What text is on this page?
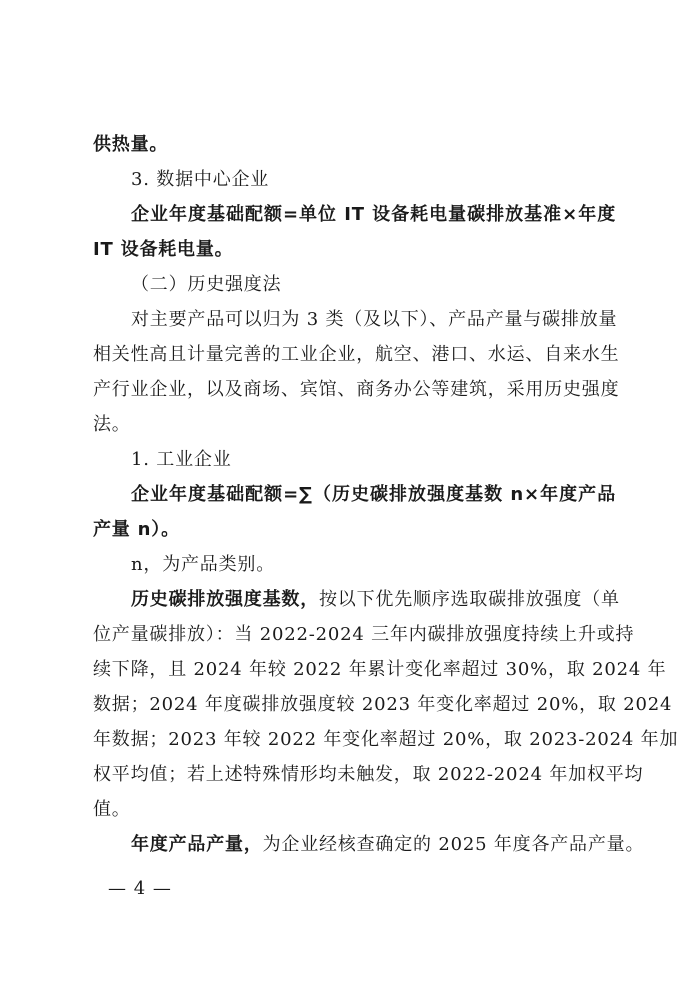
供热量。
3. 数据中心企业
企业年度基础配额=单位 IT 设备耗电量碳排放基准×年度
IT 设备耗电量。
（二）历史强度法
对主要产品可以归为 3 类（及以下）、产品产量与碳排放量
相关性高且计量完善的工业企业，航空、港口、水运、自来水生
产行业企业，以及商场、宾馆、商务办公等建筑，采用历史强度
法。
1. 工业企业
企业年度基础配额=∑（历史碳排放强度基数 n×年度产品
产量 n）。
n，为产品类别。
历史碳排放强度基数，按以下优先顺序选取碳排放强度（单
位产量碳排放）：当 2022-2024 三年内碳排放强度持续上升或持
续下降，且 2024 年较 2022 年累计变化率超过 30%，取 2024 年
数据；2024 年度碳排放强度较 2023 年变化率超过 20%，取 2024
年数据；2023 年较 2022 年变化率超过 20%，取 2023-2024 年加
权平均值；若上述特殊情形均未触发，取 2022-2024 年加权平均
值。
年度产品产量，为企业经核查确定的 2025 年度各产品产量。
— 4 —
